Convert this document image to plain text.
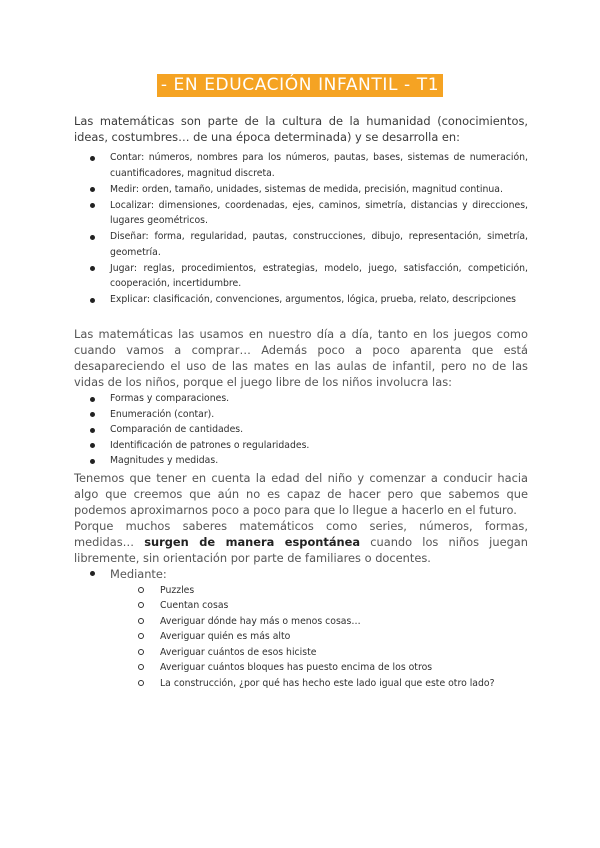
- EN EDUCACIÓN INFANTIL - T1

Las matemáticas son parte de la cultura de la humanidad (conocimientos, ideas, costumbres… de una época determinada) y se desarrolla en:

Contar: números, nombres para los números, pautas, bases, sistemas de numeración, cuantificadores, magnitud discreta.
Medir: orden, tamaño, unidades, sistemas de medida, precisión, magnitud continua.
Localizar: dimensiones, coordenadas, ejes, caminos, simetría, distancias y direcciones, lugares geométricos.
Diseñar: forma, regularidad, pautas, construcciones, dibujo, representación, simetría, geometría.
Jugar: reglas, procedimientos, estrategias, modelo, juego, satisfacción, competición, cooperación, incertidumbre.
Explicar: clasificación, convenciones, argumentos, lógica, prueba, relato, descripciones

Las matemáticas las usamos en nuestro día a día, tanto en los juegos como cuando vamos a comprar… Además poco a poco aparenta que está desapareciendo el uso de las mates en las aulas de infantil, pero no de las vidas de los niños, porque el juego libre de los niños involucra las:

Formas y comparaciones.
Enumeración (contar).
Comparación de cantidades.
Identificación de patrones o regularidades.
Magnitudes y medidas.

Tenemos que tener en cuenta la edad del niño y comenzar a conducir hacia algo que creemos que aún no es capaz de hacer pero que sabemos que podemos aproximarnos poco a poco para que lo llegue a hacerlo en el futuro.

Porque muchos saberes matemáticos como series, números, formas, medidas… surgen de manera espontánea cuando los niños juegan libremente, sin orientación por parte de familiares o docentes.

Mediante:
Puzzles
Cuentan cosas
Averiguar dónde hay más o menos cosas…
Averiguar quién es más alto
Averiguar cuántos de esos hiciste
Averiguar cuántos bloques has puesto encima de los otros
La construcción, ¿por qué has hecho este lado igual que este otro lado?
